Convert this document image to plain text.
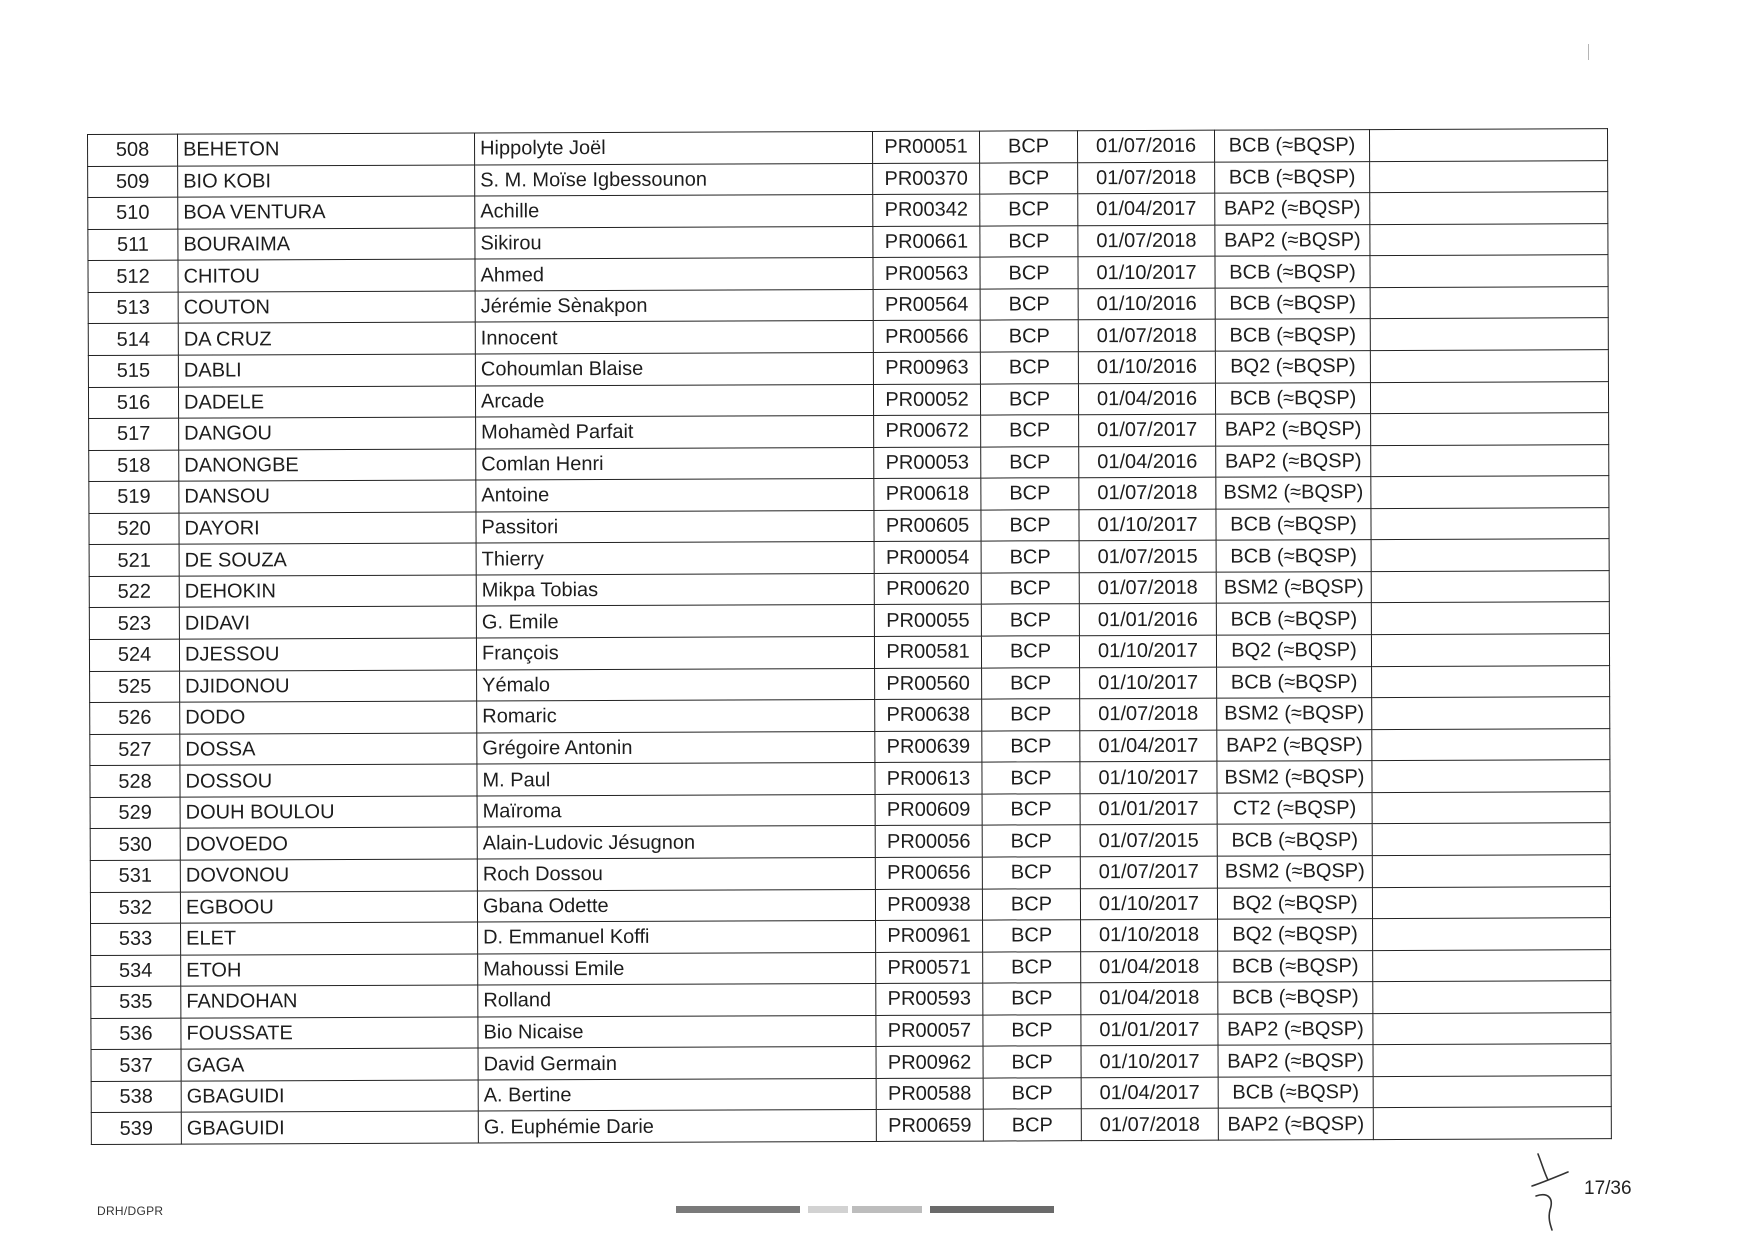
508	BEHETON	Hippolyte Joël	PR00051	BCP	01/07/2016	BCB (≈BQSP)	
509	BIO KOBI	S. M. Moïse Igbessounon	PR00370	BCP	01/07/2018	BCB (≈BQSP)	
510	BOA VENTURA	Achille	PR00342	BCP	01/04/2017	BAP2 (≈BQSP)	
511	BOURAIMA	Sikirou	PR00661	BCP	01/07/2018	BAP2 (≈BQSP)	
512	CHITOU	Ahmed	PR00563	BCP	01/10/2017	BCB (≈BQSP)	
513	COUTON	Jérémie Sènakpon	PR00564	BCP	01/10/2016	BCB (≈BQSP)	
514	DA CRUZ	Innocent	PR00566	BCP	01/07/2018	BCB (≈BQSP)	
515	DABLI	Cohoumlan Blaise	PR00963	BCP	01/10/2016	BQ2 (≈BQSP)	
516	DADELE	Arcade	PR00052	BCP	01/04/2016	BCB (≈BQSP)	
517	DANGOU	Mohamèd Parfait	PR00672	BCP	01/07/2017	BAP2 (≈BQSP)	
518	DANONGBE	Comlan Henri	PR00053	BCP	01/04/2016	BAP2 (≈BQSP)	
519	DANSOU	Antoine	PR00618	BCP	01/07/2018	BSM2 (≈BQSP)	
520	DAYORI	Passitori	PR00605	BCP	01/10/2017	BCB (≈BQSP)	
521	DE SOUZA	Thierry	PR00054	BCP	01/07/2015	BCB (≈BQSP)	
522	DEHOKIN	Mikpa Tobias	PR00620	BCP	01/07/2018	BSM2 (≈BQSP)	
523	DIDAVI	G. Emile	PR00055	BCP	01/01/2016	BCB (≈BQSP)	
524	DJESSOU	François	PR00581	BCP	01/10/2017	BQ2 (≈BQSP)	
525	DJIDONOU	Yémalo	PR00560	BCP	01/10/2017	BCB (≈BQSP)	
526	DODO	Romaric	PR00638	BCP	01/07/2018	BSM2 (≈BQSP)	
527	DOSSA	Grégoire Antonin	PR00639	BCP	01/04/2017	BAP2 (≈BQSP)	
528	DOSSOU	M. Paul	PR00613	BCP	01/10/2017	BSM2 (≈BQSP)	
529	DOUH BOULOU	Maïroma	PR00609	BCP	01/01/2017	CT2 (≈BQSP)	
530	DOVOEDO	Alain-Ludovic Jésugnon	PR00056	BCP	01/07/2015	BCB (≈BQSP)	
531	DOVONOU	Roch Dossou	PR00656	BCP	01/07/2017	BSM2 (≈BQSP)	
532	EGBOOU	Gbana Odette	PR00938	BCP	01/10/2017	BQ2 (≈BQSP)	
533	ELET	D. Emmanuel Koffi	PR00961	BCP	01/10/2018	BQ2 (≈BQSP)	
534	ETOH	Mahoussi Emile	PR00571	BCP	01/04/2018	BCB (≈BQSP)	
535	FANDOHAN	Rolland	PR00593	BCP	01/04/2018	BCB (≈BQSP)	
536	FOUSSATE	Bio Nicaise	PR00057	BCP	01/01/2017	BAP2 (≈BQSP)	
537	GAGA	David Germain	PR00962	BCP	01/10/2017	BAP2 (≈BQSP)	
538	GBAGUIDI	A. Bertine	PR00588	BCP	01/04/2017	BCB (≈BQSP)	
539	GBAGUIDI	G. Euphémie Darie	PR00659	BCP	01/07/2018	BAP2 (≈BQSP)	
DRH/DGPR
17/36
